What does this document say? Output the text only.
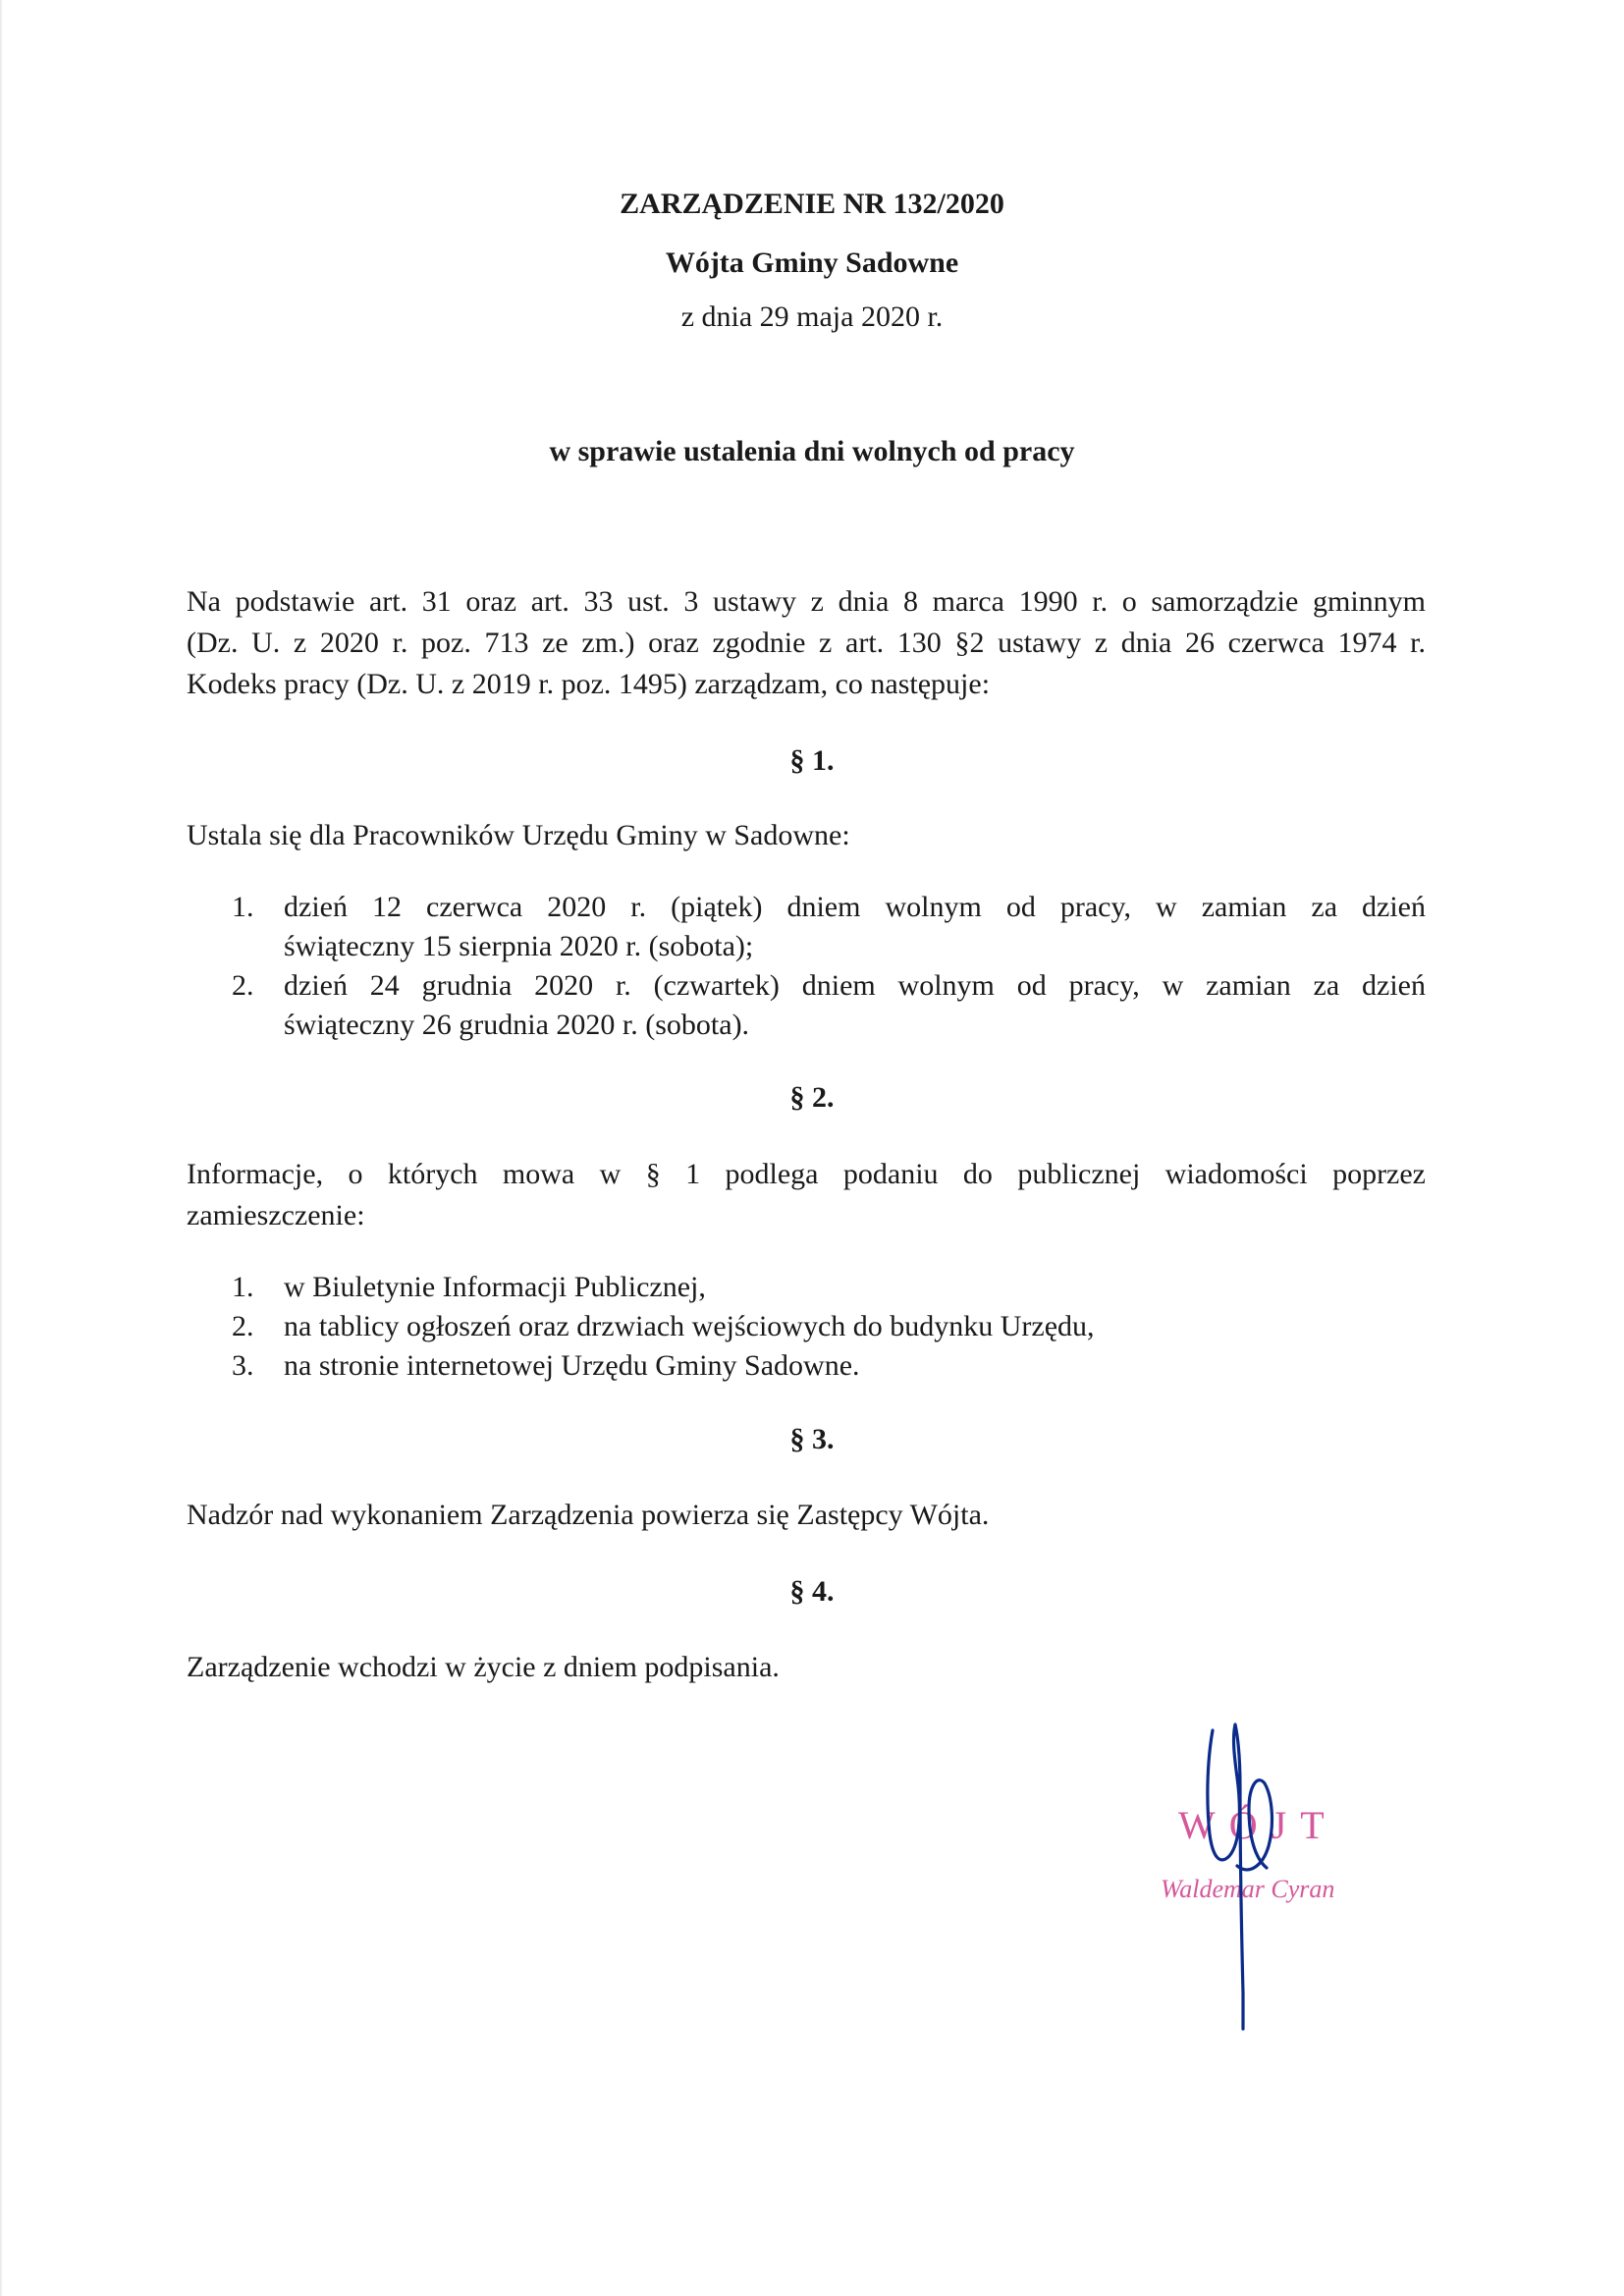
ZARZĄDZENIE NR 132/2020
Wójta Gminy Sadowne
z dnia 29 maja 2020 r.
w sprawie ustalenia dni wolnych od pracy
Na podstawie art. 31 oraz art. 33 ust. 3 ustawy z dnia 8 marca 1990 r. o samorządzie gminnym
(Dz. U. z 2020 r. poz. 713 ze zm.) oraz zgodnie z art. 130 §2 ustawy z dnia 26 czerwca 1974 r.
Kodeks pracy (Dz. U. z 2019 r. poz. 1495) zarządzam, co następuje:
§ 1.
Ustala się dla Pracowników Urzędu Gminy w Sadowne:
1. dzień 12 czerwca 2020 r. (piątek) dniem wolnym od pracy, w zamian za dzień
świąteczny 15 sierpnia 2020 r. (sobota);
2. dzień 24 grudnia 2020 r. (czwartek) dniem wolnym od pracy, w zamian za dzień
świąteczny 26 grudnia 2020 r. (sobota).
§ 2.
Informacje, o których mowa w § 1 podlega podaniu do publicznej wiadomości poprzez
zamieszczenie:
1. w Biuletynie Informacji Publicznej,
2. na tablicy ogłoszeń oraz drzwiach wejściowych do budynku Urzędu,
3. na stronie internetowej Urzędu Gminy Sadowne.
§ 3.
Nadzór nad wykonaniem Zarządzenia powierza się Zastępcy Wójta.
§ 4.
Zarządzenie wchodzi w życie z dniem podpisania.
WÓJT
Waldemar Cyran
